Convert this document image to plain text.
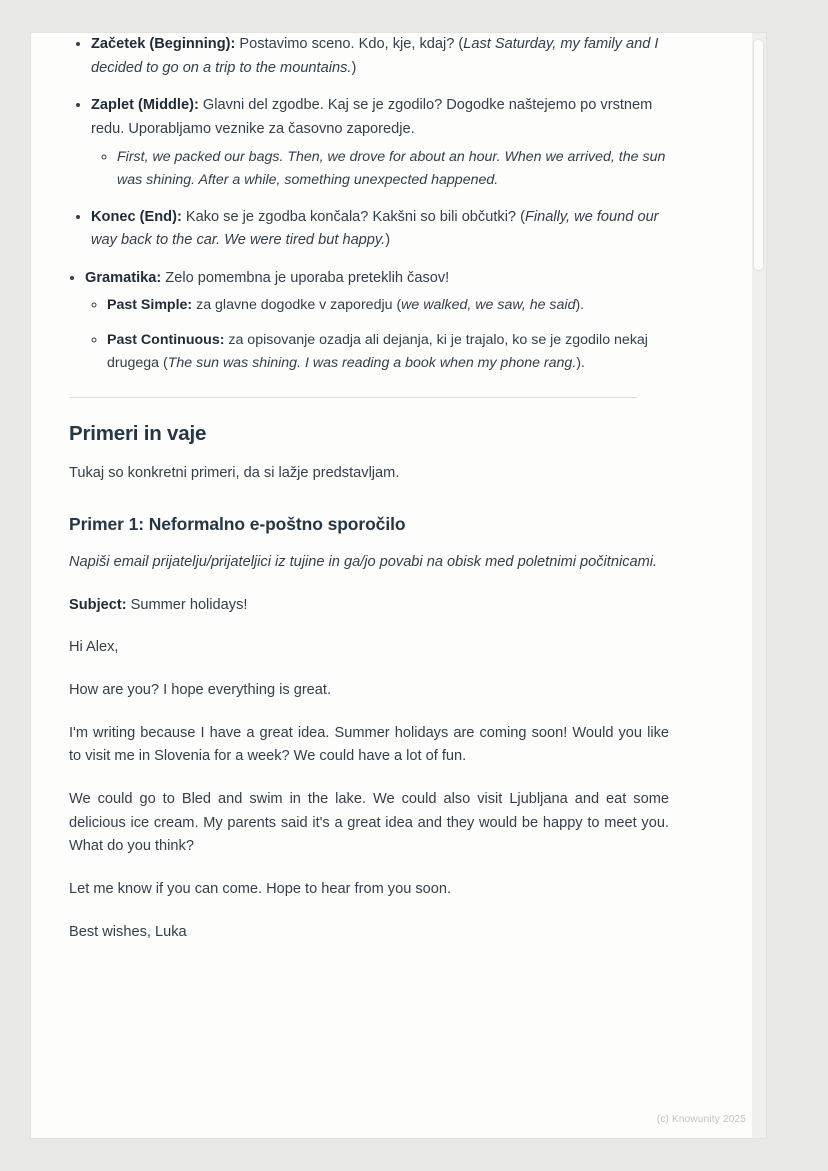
• Začetek (Beginning): Postavimo sceno. Kdo, kje, kdaj? (Last Saturday, my family and I decided to go on a trip to the mountains.)
• Zaplet (Middle): Glavni del zgodbe. Kaj se je zgodilo? Dogodke naštejemo po vrstnem redu. Uporabljamo veznike za časovno zaporedje.
◦ First, we packed our bags. Then, we drove for about an hour. When we arrived, the sun was shining. After a while, something unexpected happened.
• Konec (End): Kako se je zgodba končala? Kakšni so bili občutki? (Finally, we found our way back to the car. We were tired but happy.)
• Gramatika: Zelo pomembna je uporaba preteklih časov!
◦ Past Simple: za glavne dogodke v zaporedju (we walked, we saw, he said).
◦ Past Continuous: za opisovanje ozadja ali dejanja, ki je trajalo, ko se je zgodilo nekaj drugega (The sun was shining. I was reading a book when my phone rang.).
Primeri in vaje

Tukaj so konkretni primeri, da si lažje predstavljam.

Primer 1: Neformalno e-poštno sporočilo

Napiši email prijatelju/prijateljici iz tujine in ga/jo povabi na obisk med poletnimi počitnicami.

Subject: Summer holidays!

Hi Alex,

How are you? I hope everything is great.

I'm writing because I have a great idea. Summer holidays are coming soon! Would you like to visit me in Slovenia for a week? We could have a lot of fun.

We could go to Bled and swim in the lake. We could also visit Ljubljana and eat some delicious ice cream. My parents said it's a great idea and they would be happy to meet you. What do you think?

Let me know if you can come. Hope to hear from you soon.

Best wishes, Luka

(c) Knowunity 2025
